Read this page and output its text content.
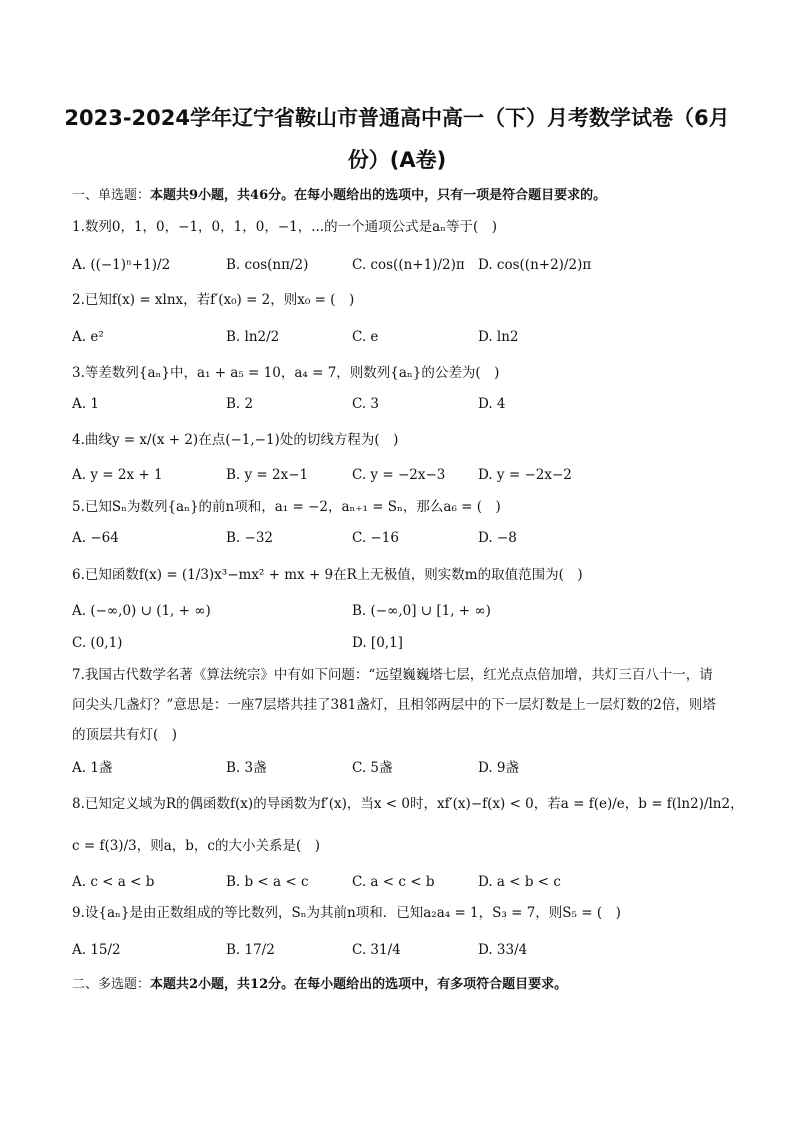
2023-2024学年辽宁省鞍山市普通高中高一（下）月考数学试卷（6月
份）(A卷)
一、单选题：本题共9小题，共46分。在每小题给出的选项中，只有一项是符合题目要求的。
1.数列0，1，0，−1，0，1，0，−1，...的一个通项公式是aₙ等于(　)
A. ((−1)ⁿ+1)/2	B. cos(nπ/2)	C. cos((n+1)/2)π D. cos((n+2)/2)π
2.已知f(x) = xlnx，若f′(x₀) = 2，则x₀ = (　)
A. e²	B. ln2/2	C. e	D. ln2
3.等差数列{aₙ}中，a₁ + a₅ = 10，a₄ = 7，则数列{aₙ}的公差为(　)
A. 1	B. 2	C. 3	D. 4
4.曲线y = x/(x + 2)在点(−1,−1)处的切线方程为(　)
A. y = 2x + 1	B. y = 2x−1	C. y = −2x−3 D. y = −2x−2
5.已知Sₙ为数列{aₙ}的前n项和，a₁ = −2，aₙ₊₁ = Sₙ，那么a₆ = (　)
A. −64	B. −32	C. −16	D. −8
6.已知函数f(x) = (1/3)x³−mx² + mx + 9在R上无极值，则实数m的取值范围为(　)
A. (−∞,0) ∪ (1, + ∞)	B. (−∞,0] ∪ [1, + ∞)
C. (0,1)	D. [0,1]
7.我国古代数学名著《算法统宗》中有如下问题：“远望巍巍塔七层，红光点点倍加增，共灯三百八十一，请问尖头几盏灯？”意思是：一座7层塔共挂了381盏灯，且相邻两层中的下一层灯数是上一层灯数的2倍，则塔的顶层共有灯(　)
A. 1盏	B. 3盏	C. 5盏	D. 9盏
8.已知定义域为R的偶函数f(x)的导函数为f′(x)，当x < 0时，xf′(x)−f(x) < 0，若a = f(e)/e，b = f(ln2)/ln2，
c = f(3)/3，则a，b，c的大小关系是(　)
A. c < a < b	B. b < a < c	C. a < c < b	D. a < b < c
9.设{aₙ}是由正数组成的等比数列，Sₙ为其前n项和．已知a₂a₄ = 1，S₃ = 7，则S₅ = (　)
A. 15/2	B. 17/2	C. 31/4	D. 33/4
二、多选题：本题共2小题，共12分。在每小题给出的选项中，有多项符合题目要求。
